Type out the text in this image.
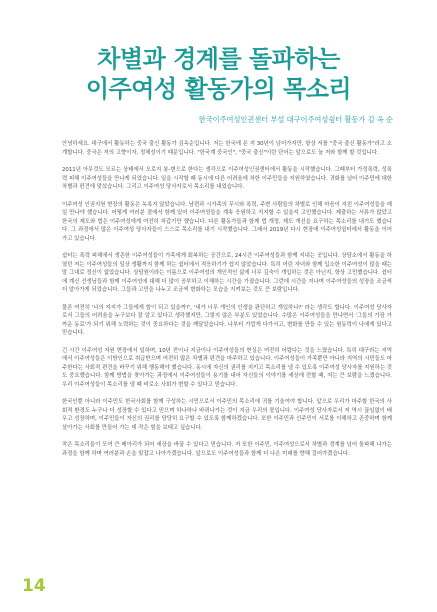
차별과 경계를 돌파하는
이주여성 활동가의 목소리
한국이주여성인권센터 부설 대구이주여성쉼터 활동가 김 옥 순

안녕하세요. 대구에서 활동하는 중국 출신 활동가 김옥순입니다. 저는 한국에 온 지 30년이 넘어가지만, 항상 저를 "중국 출신 활동가"라고 소개합니다. 중국은 저의 고향이자, 정체성이기 때문입니다. "한국계 중국인", "중국 출신"이란 단어는 앞으로도 늘 저와 함께 할 것입니다.

2011년 아무것도 모르는 상태에서 오로지 봉-변으로 한다는 생각으로 이주여성인권센터에서 활동을 시작했습니다. 그때부터 가정폭력, 성폭력 피해 이주여성들을 만나게 되었습니다. 일을 시작할 때 동시에 다른 어려움에 처한 이주민들을 지원하였습니다. 귀화를 넘어 이주민에 대한 차별과 편견에 맞섰습니다. 그리고 이주여성 당사자로서 목소리를 내었습니다.

이주여성 인권지원 현장의 활동은 녹록지 않았습니다. 남편과 시가족의 무시와 폭력, 주변 사람들의 차별로 인해 마음이 지친 이주여성들을 매일 만나야 했습니다. 어떻게 여러분 곁에서 함께 있어 이주여성들을 계속 응원하고 지지할 수 있을지 고민했습니다. 제출하는 서류가 많았고 한국의 제도와 법은 이주여성에게 여전히 차갑기만 했습니다. 다른 활동가들과 함께 법 개정, 제도 개선을 요구하는 목소리를 내기도 했습니다. 그 과정에서 많은 이주여성 당사자들이 스스로 목소리를 내기 시작했습니다. 그래서 2019년 다시 현장에 이주여성쉼터에서 활동을 이어가고 있습니다.

쉼터는 폭력 피해에서 생존한 이주여성들이 가족에게 회복하는 공간으로, 24시간 이주여성들과 함께 지내는 곳입니다. 상담소에서 활동을 하였던 저는 이주여성들의 일상 생활까지 함께 하는 쉼터에서 적응하기가 쉽지 않았습니다. 특히 어린 자녀와 함께 입소한 이주여성이 많을 때는 말 그대로 정신이 없었습니다. 상담원이라는 이름으로 이주여성의 개인적인 삶에 너무 깊숙이 개입하는 것은 아닌지, 항상 고민했습니다. 쉼터에 계신 선생님들과 함께 이주여성에 대해 더 많이 공부하고 이해하는 시간을 가졌습니다. 그런데 시간을 지나며 이주여성들의 성장을 조금씩 더 알아가게 되었습니다. 그들과 고민을 나누고 조금씩 변화하는 모습을 지켜보는 것도 큰 보람입니다.

물론 여전히 '나의 지지가 그들에게 힘이 되고 있을까?', '내가 너무 개인의 인생을 판단하고 개입하나?' 라는 생각도 합니다. 이주여성 당사자로서 그들의 어려움을 누구보다 잘 알고 있다고 생각했지만, 그렇지 않은 부분도 있었습니다. 수많은 이주여성들을 만나면서 '그들의 가장 가까운 동료'가 되기 위해 노력하는 것이 중요하다는 것을 깨달았습니다. 나부터 가깝게 다가서고, 변화를 만들 수 있는 원동력이 나에게 있다고 믿습니다.

긴 시간 이주여성 지원 현장에서 일하며, 10년 전이나 지금이나 이주여성들의 현실은 여전히 어렵다는 것을 느꼈습니다. 특히 대구라는 지역에서 이주여성들은 이방인으로 취급받으며 여전히 많은 차별과 편견을 마주하고 있습니다. 이주여성들이 가족뿐만 아니라 지역의 시민들도 마주한다는 사회적 편견을 바꾸기 위해 행동해야 했습니다. 동시에 자신의 권리를 지키고 목소리를 낼 수 있도록 이주여성 당사자를 지원하는 것도 중요했습니다. 함께 방법을 찾아가는 과정에서 이주여성들이 용기를 내어 자신들의 이야기를 세상에 전할 때, 저는 큰 보람을 느꼈습니다. 우리 이주여성들이 목소리를 낼 때 비로소 사회가 변할 수 있다고 믿습니다.

한국인뿐 아니라 이주민도 한국사회를 함께 구성하는 시민으로서 이주민의 목소리에 귀를 기울여야 합니다. 앞으로 우리가 마주할 한국의 사회적 환경도 누구나 더 성장할 수 있다고 믿으며 하나하나 바뀌나가는 것이 지금 우리의 몫입니다. 이주여성 당사자로서 저 역시 끊임없이 배우고 성장하며, 이주민들이 자신의 권리를 당당히 요구할 수 있도록 함께하겠습니다. 또한 이주민과 선주민이 서로를 이해하고 존중하며 함께 살아가는 사회를 만들어 가는 데 작은 힘을 보태고 싶습니다.

작은 목소리들이 모여 큰 메아리가 되어 세상을 바꿀 수 있다고 믿습니다. 저 또한 이주민, 이주여성으로서 차별과 경계를 넘어 돌파해 나가는 과정을 함께 하며 여러분과 손을 맞잡고 나아가겠습니다. 앞으로도 이주여성들과 함께 더 나은 미래를 향해 걸어가겠습니다.

14
